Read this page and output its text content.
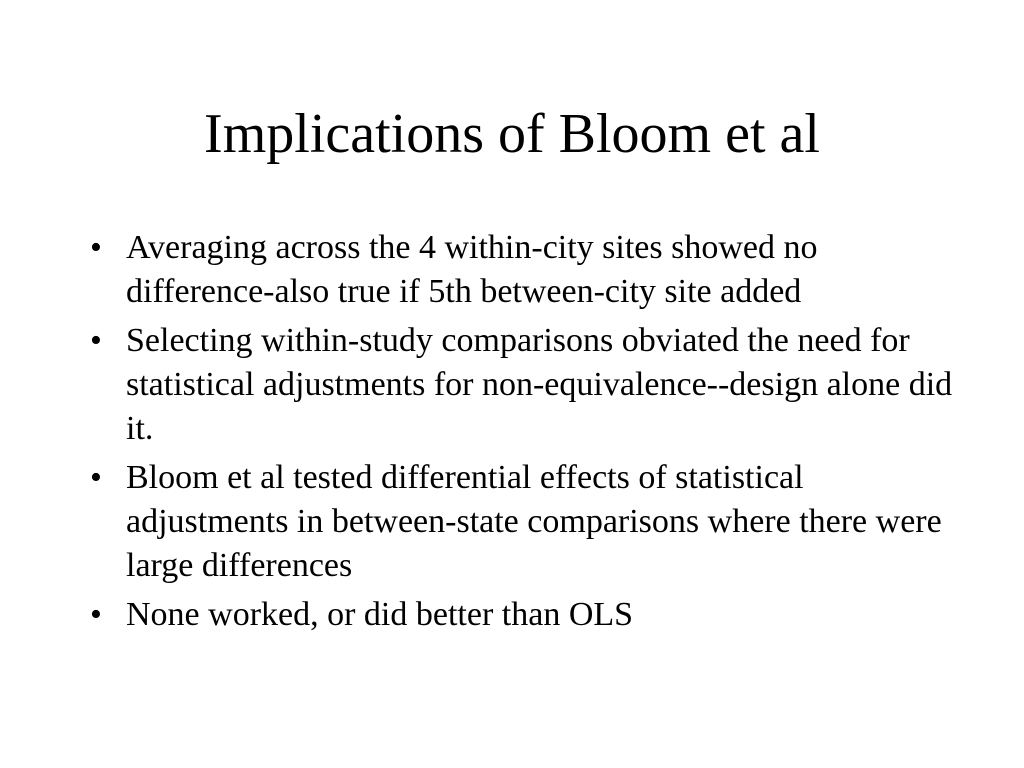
Implications of Bloom et al
• Averaging across the 4 within-city sites showed no difference-also true if 5th between-city site added
• Selecting within-study comparisons obviated the need for statistical adjustments for non-equivalence--design alone did it.
• Bloom et al tested differential effects of statistical adjustments in between-state comparisons where there were large differences
• None worked, or did better than OLS
